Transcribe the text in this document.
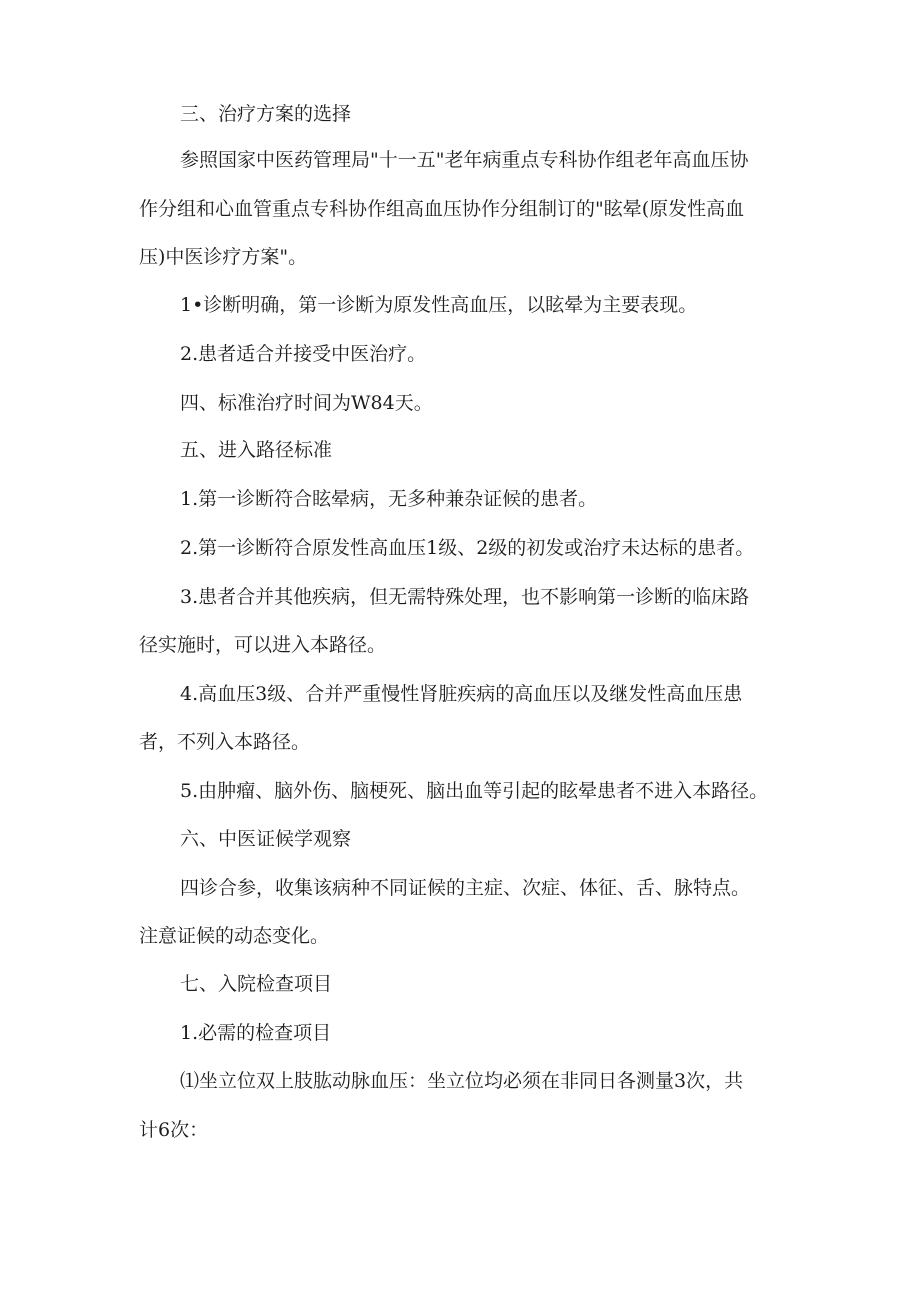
三、治疗方案的选择
参照国家中医药管理局"十一五"老年病重点专科协作组老年高血压协
作分组和心血管重点专科协作组高血压协作分组制订的"眩晕(原发性高血
压)中医诊疗方案"。
1•诊断明确，第一诊断为原发性高血压，以眩晕为主要表现。
2.患者适合并接受中医治疗。
四、标准治疗时间为W84天。
五、进入路径标准
1.第一诊断符合眩晕病，无多种兼杂证候的患者。
2.第一诊断符合原发性高血压1级、2级的初发或治疗未达标的患者。
3.患者合并其他疾病，但无需特殊处理，也不影响第一诊断的临床路
径实施时，可以进入本路径。
4.高血压3级、合并严重慢性肾脏疾病的高血压以及继发性高血压患
者，不列入本路径。
5.由肿瘤、脑外伤、脑梗死、脑出血等引起的眩晕患者不进入本路径。
六、中医证候学观察
四诊合参，收集该病种不同证候的主症、次症、体征、舌、脉特点。
注意证候的动态变化。
七、入院检查项目
1.必需的检查项目
⑴坐立位双上肢肱动脉血压：坐立位均必须在非同日各测量3次，共
计6次：
